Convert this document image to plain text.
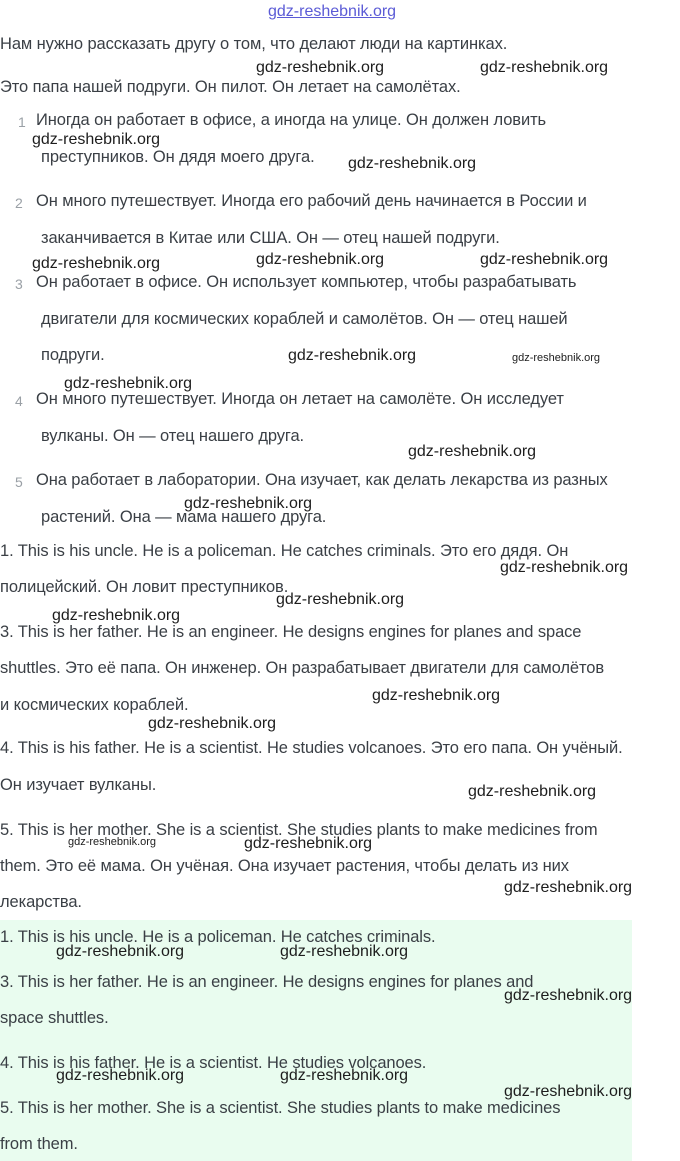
gdz-reshebnik.org
Нам нужно рассказать другу о том, что делают люди на картинках.
Это папа нашей подруги. Он пилот. Он летает на самолётах.
1 Иногда он работает в офисе, а иногда на улице. Он должен ловить
преступников. Он дядя моего друга.
2 Он много путешествует. Иногда его рабочий день начинается в России и
заканчивается в Китае или США. Он — отец нашей подруги.
3 Он работает в офисе. Он использует компьютер, чтобы разрабатывать
двигатели для космических кораблей и самолётов. Он — отец нашей
подруги.
4 Он много путешествует. Иногда он летает на самолёте. Он исследует
вулканы. Он — отец нашего друга.
5 Она работает в лаборатории. Она изучает, как делать лекарства из разных
растений. Она — мама нашего друга.
1. This is his uncle. He is a policeman. He catches criminals. Это его дядя. Он
полицейский. Он ловит преступников.
3. This is her father. He is an engineer. He designs engines for planes and space
shuttles. Это её папа. Он инженер. Он разрабатывает двигатели для самолётов
и космических кораблей.
4. This is his father. He is a scientist. He studies volcanoes. Это его папа. Он учёный.
Он изучает вулканы.
5. This is her mother. She is a scientist. She studies plants to make medicines from
them. Это её мама. Он учёная. Она изучает растения, чтобы делать из них
лекарства.
1. This is his uncle. He is a policeman. He catches criminals.
3. This is her father. He is an engineer. He designs engines for planes and
space shuttles.
4. This is his father. He is a scientist. He studies volcanoes.
5. This is her mother. She is a scientist. She studies plants to make medicines
from them.
gdz-reshebnik.org	gdz-reshebnik.org
gdz-reshebnik.org
gdz-reshebnik.org
gdz-reshebnik.org	gdz-reshebnik.org	gdz-reshebnik.org
gdz-reshebnik.org	gdz-reshebnik.org
gdz-reshebnik.org
gdz-reshebnik.org
gdz-reshebnik.org
gdz-reshebnik.org
gdz-reshebnik.org
gdz-reshebnik.org
gdz-reshebnik.org
gdz-reshebnik.org
gdz-reshebnik.org
gdz-reshebnik.org	gdz-reshebnik.org
gdz-reshebnik.org
gdz-reshebnik.org	gdz-reshebnik.org
gdz-reshebnik.org
gdz-reshebnik.org	gdz-reshebnik.org
gdz-reshebnik.org
